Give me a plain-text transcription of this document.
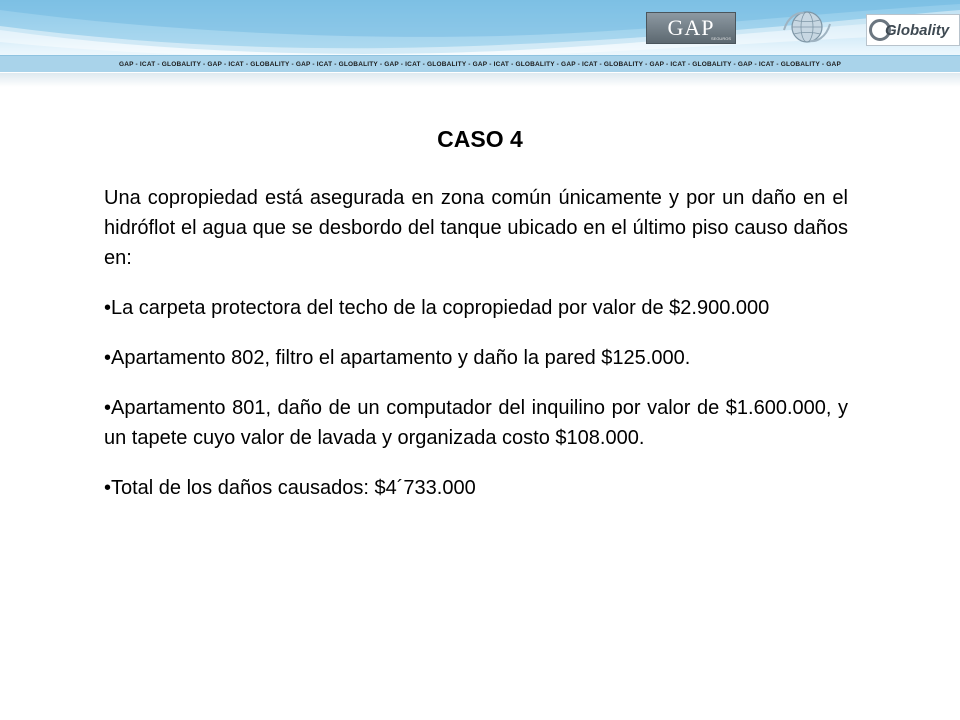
GAP
SEGUROS	Globality
GAP - ICAT - GLOBALITY - GAP - ICAT - GLOBALITY - GAP - ICAT - GLOBALITY - GAP - ICAT - GLOBALITY - GAP - ICAT - GLOBALITY - GAP - ICAT - GLOBALITY - GAP - ICAT - GLOBALITY - GAP - ICAT - GLOBALITY - GAP
CASO 4

Una copropiedad está asegurada en zona común únicamente y por un daño en el hidróflot el agua que se desbordo del tanque ubicado en el último piso causo daños en:

•La carpeta protectora del techo de la copropiedad por valor de $2.900.000

•Apartamento 802, filtro el apartamento y daño la pared $125.000.

•Apartamento 801, daño de un computador del inquilino por valor de $1.600.000, y un tapete cuyo valor de lavada y organizada costo $108.000.

•Total de los daños causados: $4´733.000
